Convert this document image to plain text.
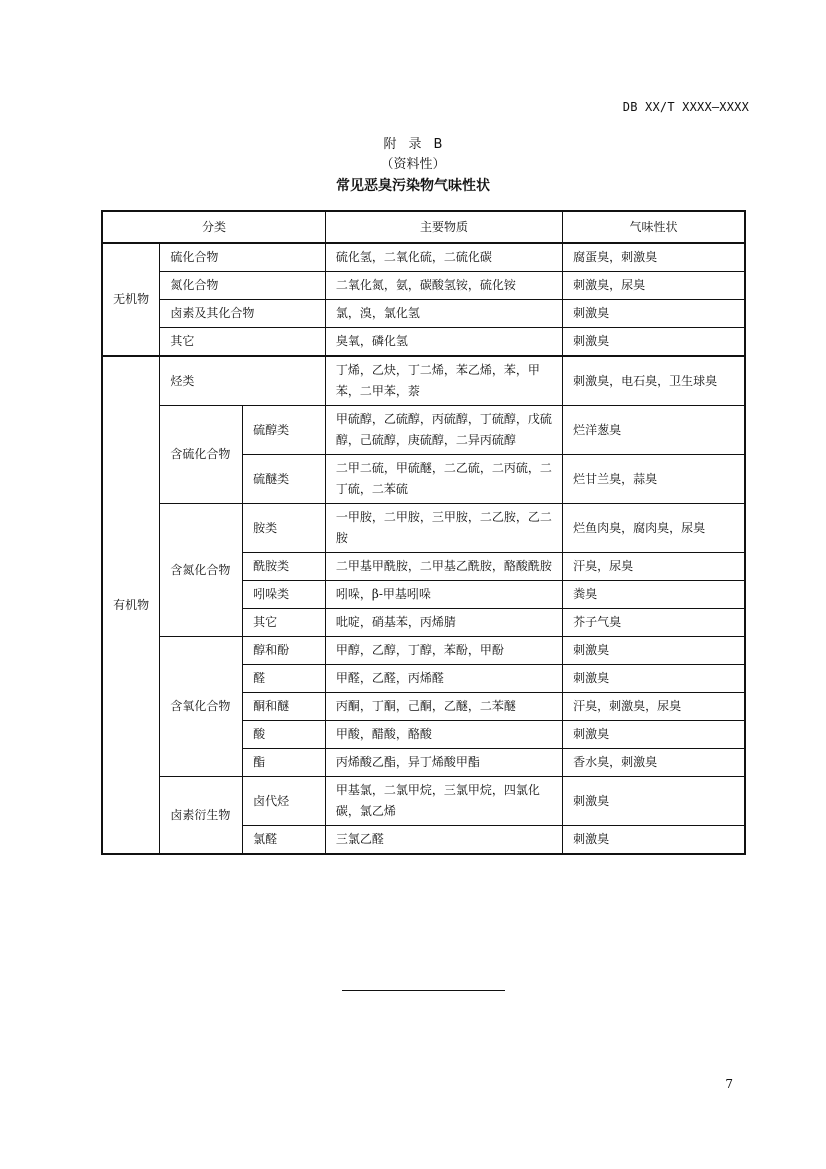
DB XX/T XXXX—XXXX
附录B
（资料性）
常见恶臭污染物气味性状
分类			主要物质	气味性状
无机物	硫化合物		硫化氢，二氧化硫，二硫化碳	腐蛋臭，刺激臭
	氮化合物		二氧化氮，氨，碳酸氢铵，硫化铵	刺激臭，尿臭
	卤素及其化合物		氯，溴，氯化氢	刺激臭
	其它		臭氧，磷化氢	刺激臭
有机物	烃类		丁烯，乙炔，丁二烯，苯乙烯，苯，甲苯，二甲苯，萘	刺激臭，电石臭，卫生球臭
	含硫化合物	硫醇类	甲硫醇，乙硫醇，丙硫醇，丁硫醇，戊硫醇，己硫醇，庚硫醇，二异丙硫醇	烂洋葱臭
		硫醚类	二甲二硫，甲硫醚，二乙硫，二丙硫，二丁硫，二苯硫	烂甘兰臭，蒜臭
	含氮化合物	胺类	一甲胺，二甲胺，三甲胺，二乙胺，乙二胺	烂鱼肉臭，腐肉臭，尿臭
		酰胺类	二甲基甲酰胺，二甲基乙酰胺，酪酸酰胺	汗臭，尿臭
		吲哚类	吲哚，β-甲基吲哚	粪臭
		其它	吡啶，硝基苯，丙烯腈	芥子气臭
	含氧化合物	醇和酚	甲醇，乙醇，丁醇，苯酚，甲酚	刺激臭
		醛	甲醛，乙醛，丙烯醛	刺激臭
		酮和醚	丙酮，丁酮，己酮，乙醚，二苯醚	汗臭，刺激臭，尿臭
		酸	甲酸，醋酸，酪酸	刺激臭
		酯	丙烯酸乙酯，异丁烯酸甲酯	香水臭，刺激臭
	卤素衍生物	卤代烃	甲基氯，二氯甲烷，三氯甲烷，四氯化碳，氯乙烯	刺激臭
		氯醛	三氯乙醛	刺激臭
7
